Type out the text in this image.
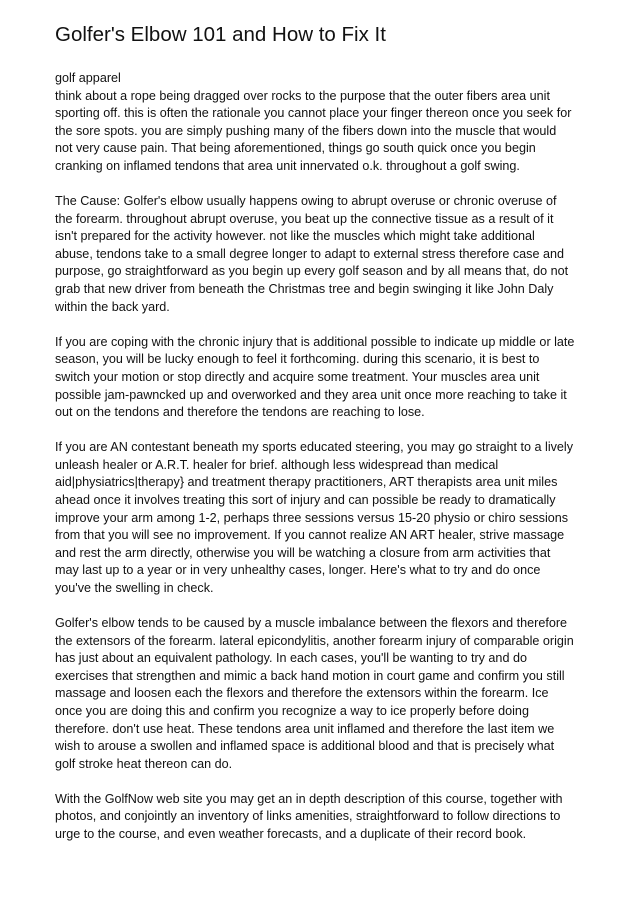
Golfer's Elbow 101 and How to Fix It

golf apparel
think about a rope being dragged over rocks to the purpose that the outer fibers area unit
sporting off. this is often the rationale you cannot place your finger thereon once you seek for
the sore spots. you are simply pushing many of the fibers down into the muscle that would
not very cause pain. That being aforementioned, things go south quick once you begin
cranking on inflamed tendons that area unit innervated o.k. throughout a golf swing.

The Cause: Golfer's elbow usually happens owing to abrupt overuse or chronic overuse of
the forearm. throughout abrupt overuse, you beat up the connective tissue as a result of it
isn't prepared for the activity however. not like the muscles which might take additional
abuse, tendons take to a small degree longer to adapt to external stress therefore case and
purpose, go straightforward as you begin up every golf season and by all means that, do not
grab that new driver from beneath the Christmas tree and begin swinging it like John Daly
within the back yard.

If you are coping with the chronic injury that is additional possible to indicate up middle or late
season, you will be lucky enough to feel it forthcoming. during this scenario, it is best to
switch your motion or stop directly and acquire some treatment. Your muscles area unit
possible jam-pawncked up and overworked and they area unit once more reaching to take it
out on the tendons and therefore the tendons are reaching to lose.

If you are AN contestant beneath my sports educated steering, you may go straight to a lively
unleash healer or A.R.T. healer for brief. although less widespread than medical
aid|physiatrics|therapy} and treatment therapy practitioners, ART therapists area unit miles
ahead once it involves treating this sort of injury and can possible be ready to dramatically
improve your arm among 1-2, perhaps three sessions versus 15-20 physio or chiro sessions
from that you will see no improvement. If you cannot realize AN ART healer, strive massage
and rest the arm directly, otherwise you will be watching a closure from arm activities that
may last up to a year or in very unhealthy cases, longer. Here's what to try and do once
you've the swelling in check.

Golfer's elbow tends to be caused by a muscle imbalance between the flexors and therefore
the extensors of the forearm. lateral epicondylitis, another forearm injury of comparable origin
has just about an equivalent pathology. In each cases, you'll be wanting to try and do
exercises that strengthen and mimic a back hand motion in court game and confirm you still
massage and loosen each the flexors and therefore the extensors within the forearm. Ice
once you are doing this and confirm you recognize a way to ice properly before doing
therefore. don't use heat. These tendons area unit inflamed and therefore the last item we
wish to arouse a swollen and inflamed space is additional blood and that is precisely what
golf stroke heat thereon can do.

With the GolfNow web site you may get an in depth description of this course, together with
photos, and conjointly an inventory of links amenities, straightforward to follow directions to
urge to the course, and even weather forecasts, and a duplicate of their record book.
